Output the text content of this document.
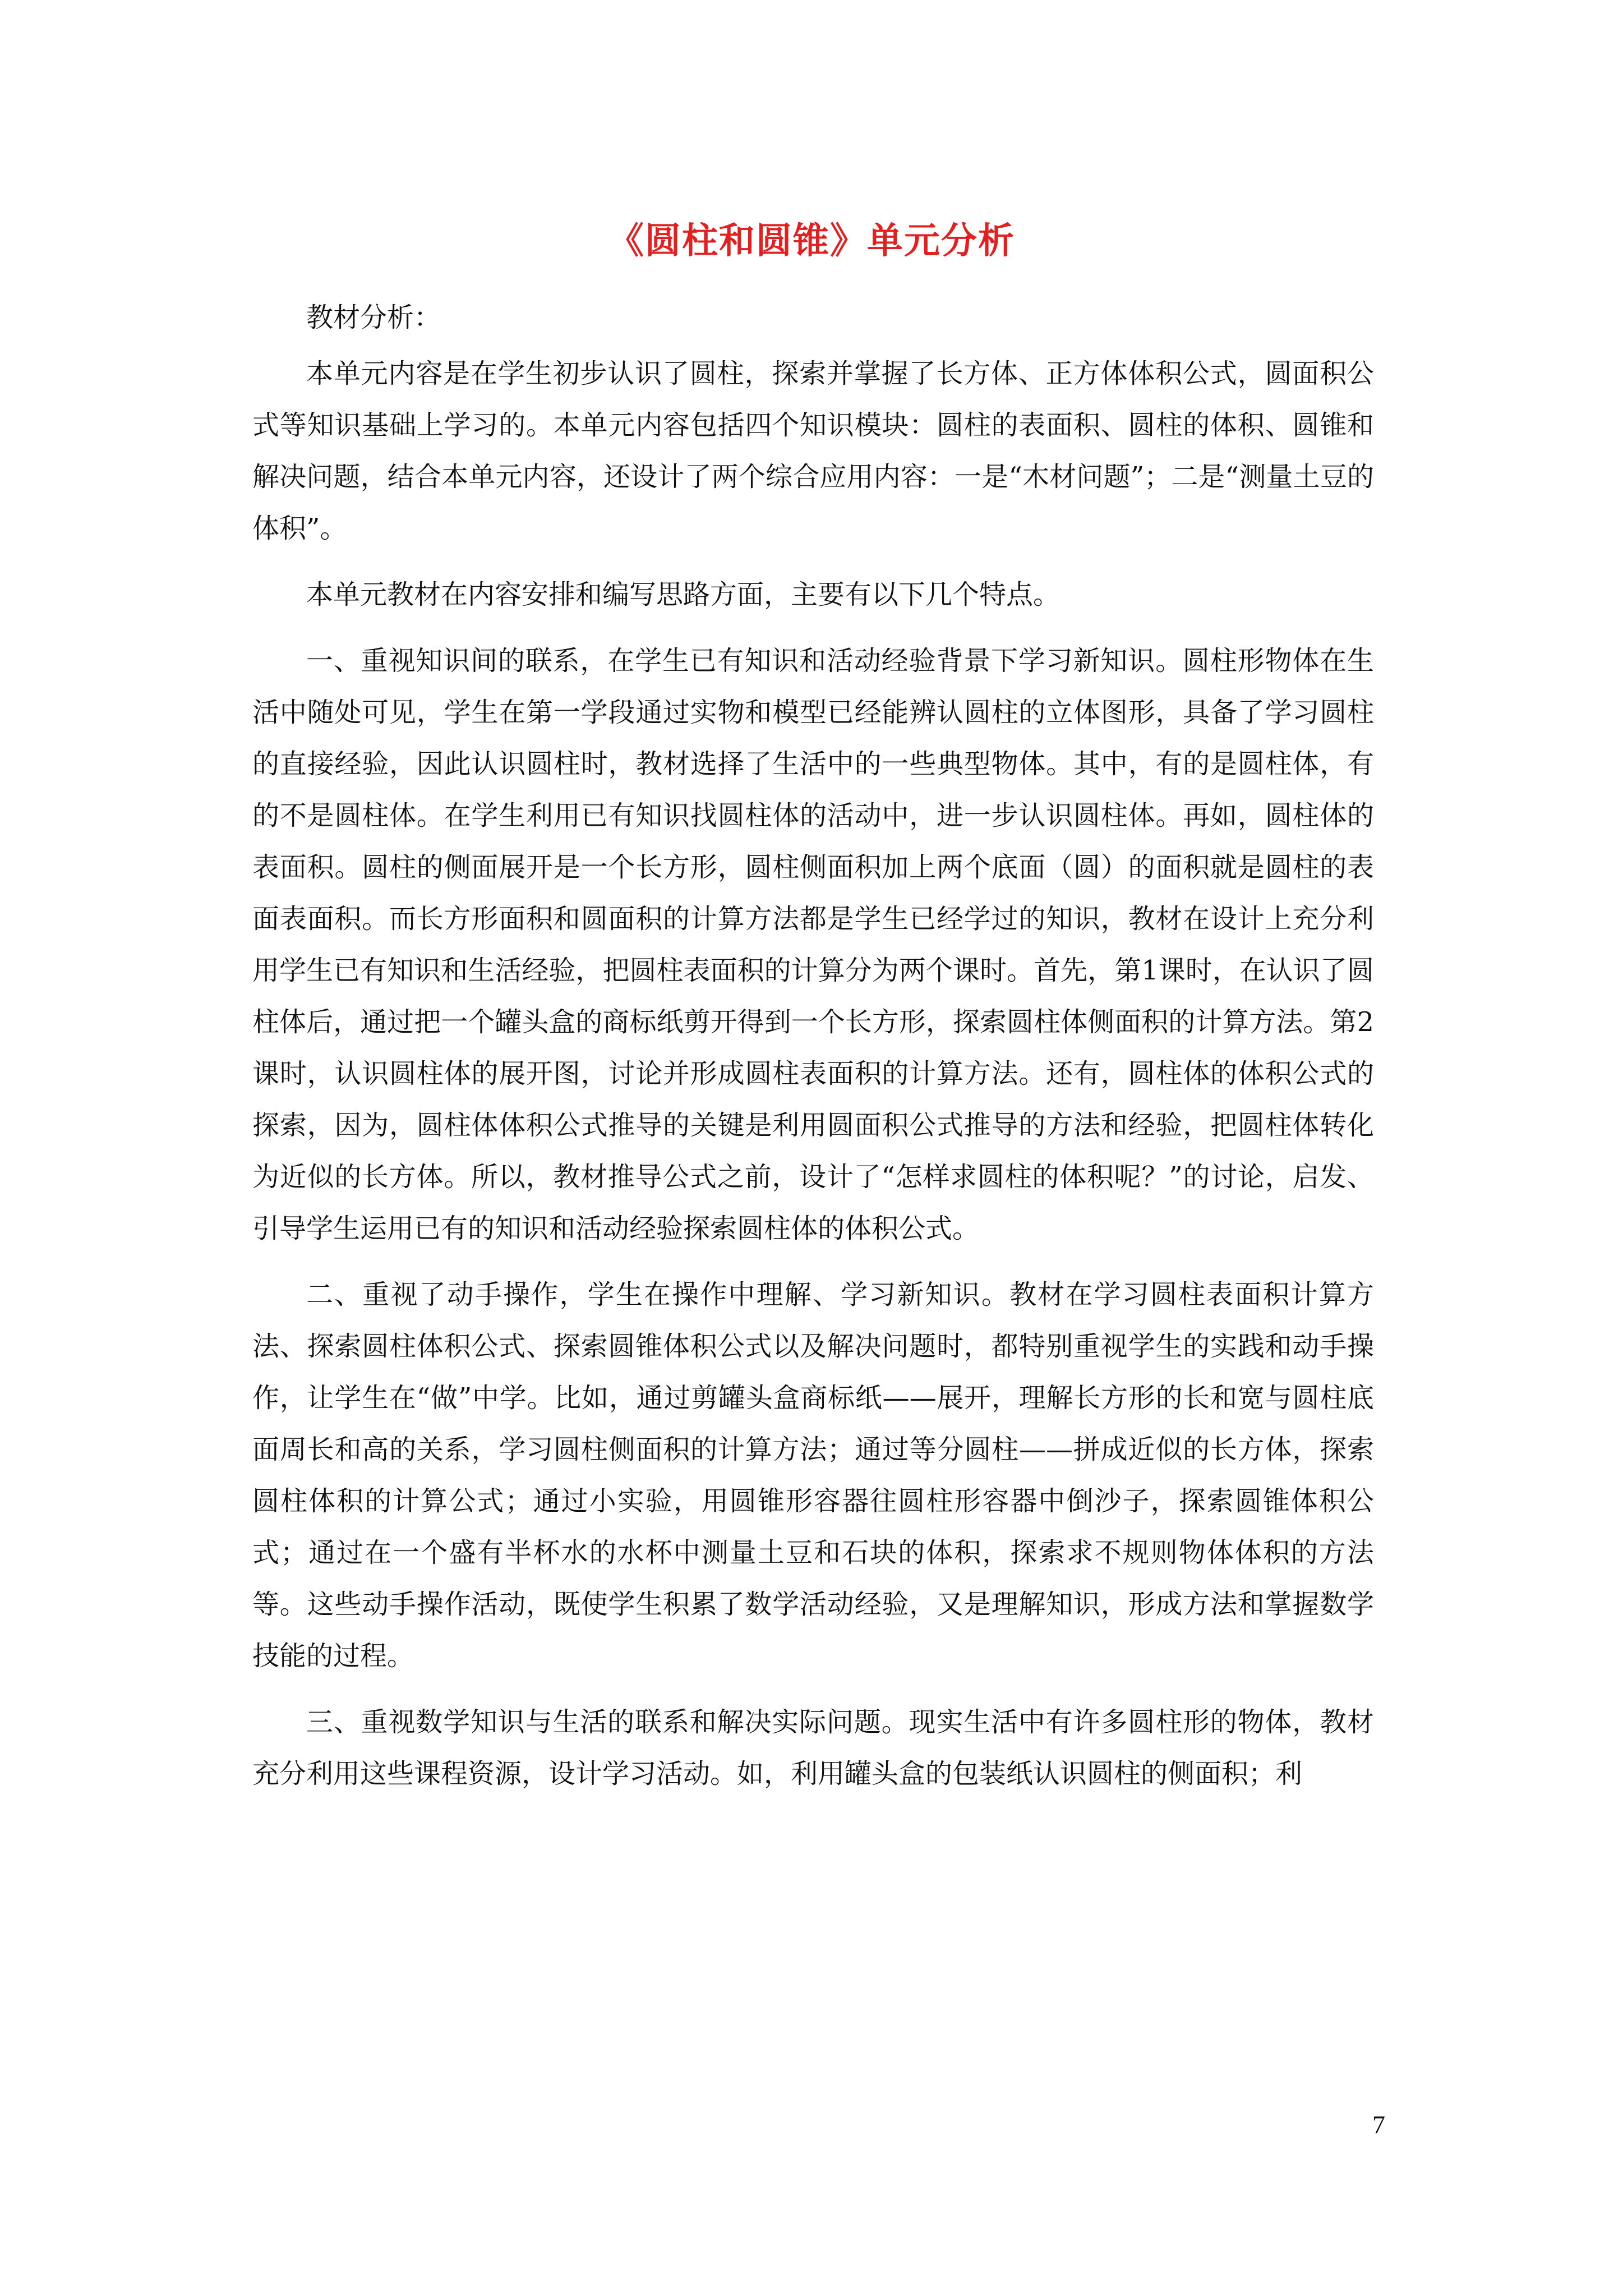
《圆柱和圆锥》单元分析

教材分析：

本单元内容是在学生初步认识了圆柱，探索并掌握了长方体、正方体体积公式，圆面积公式等知识基础上学习的。本单元内容包括四个知识模块：圆柱的表面积、圆柱的体积、圆锥和解决问题，结合本单元内容，还设计了两个综合应用内容：一是“木材问题”；二是“测量土豆的体积”。

本单元教材在内容安排和编写思路方面，主要有以下几个特点。

一、重视知识间的联系，在学生已有知识和活动经验背景下学习新知识。圆柱形物体在生活中随处可见，学生在第一学段通过实物和模型已经能辨认圆柱的立体图形，具备了学习圆柱的直接经验，因此认识圆柱时，教材选择了生活中的一些典型物体。其中，有的是圆柱体，有的不是圆柱体。在学生利用已有知识找圆柱体的活动中，进一步认识圆柱体。再如，圆柱体的表面积。圆柱的侧面展开是一个长方形，圆柱侧面积加上两个底面（圆）的面积就是圆柱的表面表面积。而长方形面积和圆面积的计算方法都是学生已经学过的知识，教材在设计上充分利用学生已有知识和生活经验，把圆柱表面积的计算分为两个课时。首先，第1课时，在认识了圆柱体后，通过把一个罐头盒的商标纸剪开得到一个长方形，探索圆柱体侧面积的计算方法。第2课时，认识圆柱体的展开图，讨论并形成圆柱表面积的计算方法。还有，圆柱体的体积公式的探索，因为，圆柱体体积公式推导的关键是利用圆面积公式推导的方法和经验，把圆柱体转化为近似的长方体。所以，教材推导公式之前，设计了“怎样求圆柱的体积呢？”的讨论，启发、引导学生运用已有的知识和活动经验探索圆柱体的体积公式。

二、重视了动手操作，学生在操作中理解、学习新知识。教材在学习圆柱表面积计算方法、探索圆柱体积公式、探索圆锥体积公式以及解决问题时，都特别重视学生的实践和动手操作，让学生在“做”中学。比如，通过剪罐头盒商标纸——展开，理解长方形的长和宽与圆柱底面周长和高的关系，学习圆柱侧面积的计算方法；通过等分圆柱——拼成近似的长方体，探索圆柱体积的计算公式；通过小实验，用圆锥形容器往圆柱形容器中倒沙子，探索圆锥体积公式；通过在一个盛有半杯水的水杯中测量土豆和石块的体积，探索求不规则物体体积的方法等。这些动手操作活动，既使学生积累了数学活动经验，又是理解知识，形成方法和掌握数学技能的过程。

三、重视数学知识与生活的联系和解决实际问题。现实生活中有许多圆柱形的物体，教材充分利用这些课程资源，设计学习活动。如，利用罐头盒的包装纸认识圆柱的侧面积；利

7
